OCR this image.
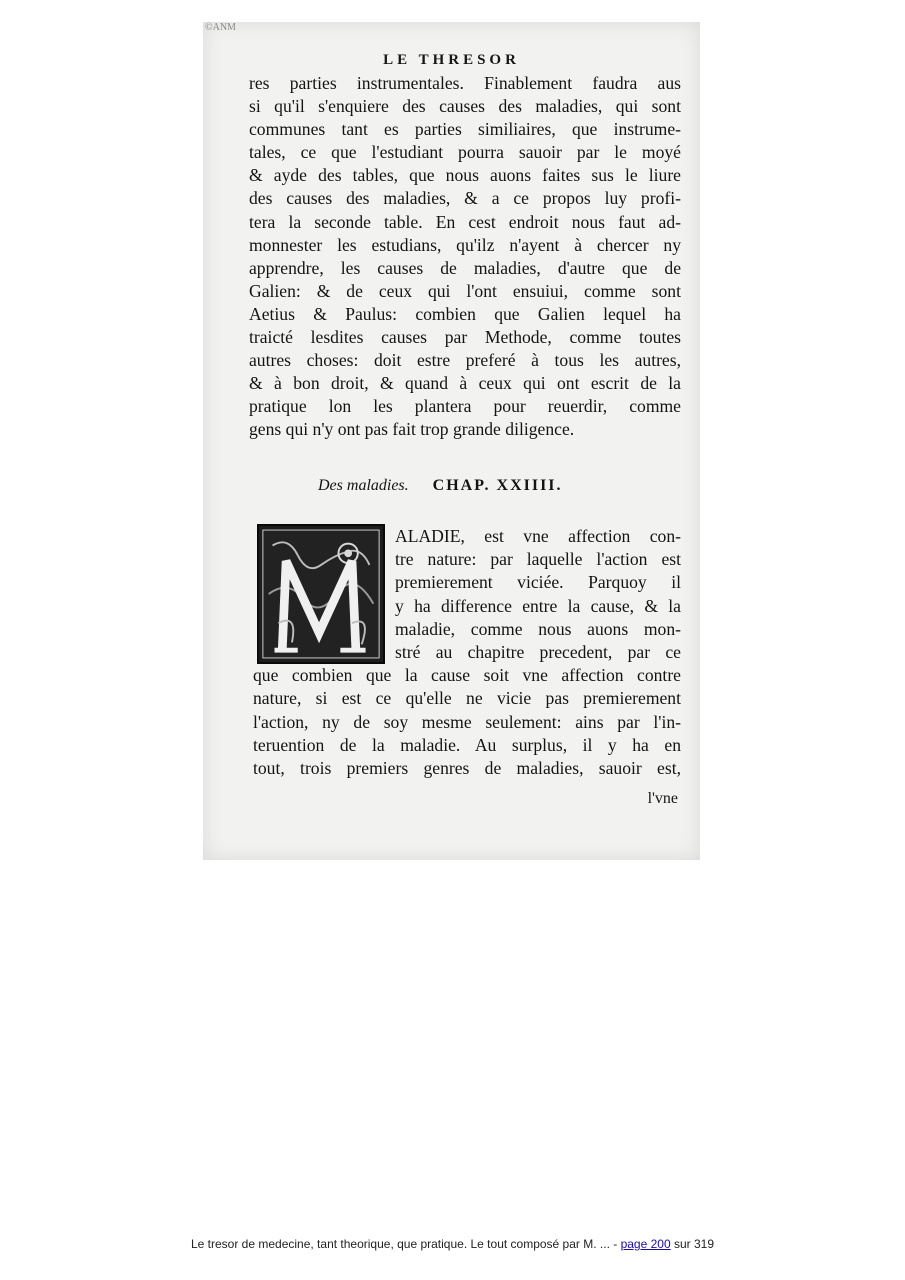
©ANM
LE THRESOR
res parties instrumentales. Finablement faudra aus
si qu'il s'enquiere des causes des maladies, qui sont
communes tant es parties similiaires, que instrume-
tales, ce que l'estudiant pourra sauoir par le moyé
& ayde des tables, que nous auons faites sus le liure
des causes des maladies, & a ce propos luy profi-
tera la seconde table. En cest endroit nous faut ad-
monnester les estudians, qu'ilz n'ayent à chercer ny
apprendre, les causes de maladies, d'autre que de
Galien: & de ceux qui l'ont ensuiui, comme sont
Aetius & Paulus: combien que Galien lequel ha
traicté lesdites causes par Methode, comme toutes
autres choses: doit estre preferé à tous les autres,
& à bon droit, & quand à ceux qui ont escrit de la
pratique lon les plantera pour reuerdir, comme
gens qui n'y ont pas fait trop grande diligence.
Des maladies. CHAP. XXIIII.
M
ALADIE, est vne affection con-
tre nature: par laquelle l'action est
premierement viciée. Parquoy il
y ha difference entre la cause, & la
maladie, comme nous auons mon-
stré au chapitre precedent, par ce
que combien que la cause soit vne affection contre
nature, si est ce qu'elle ne vicie pas premierement
l'action, ny de soy mesme seulement: ains par l'in-
teruention de la maladie. Au surplus, il y ha en
tout, trois premiers genres de maladies, sauoir est,
l'vne
Le tresor de medecine, tant theorique, que pratique. Le tout composé par M. ... - page 200 sur 319
